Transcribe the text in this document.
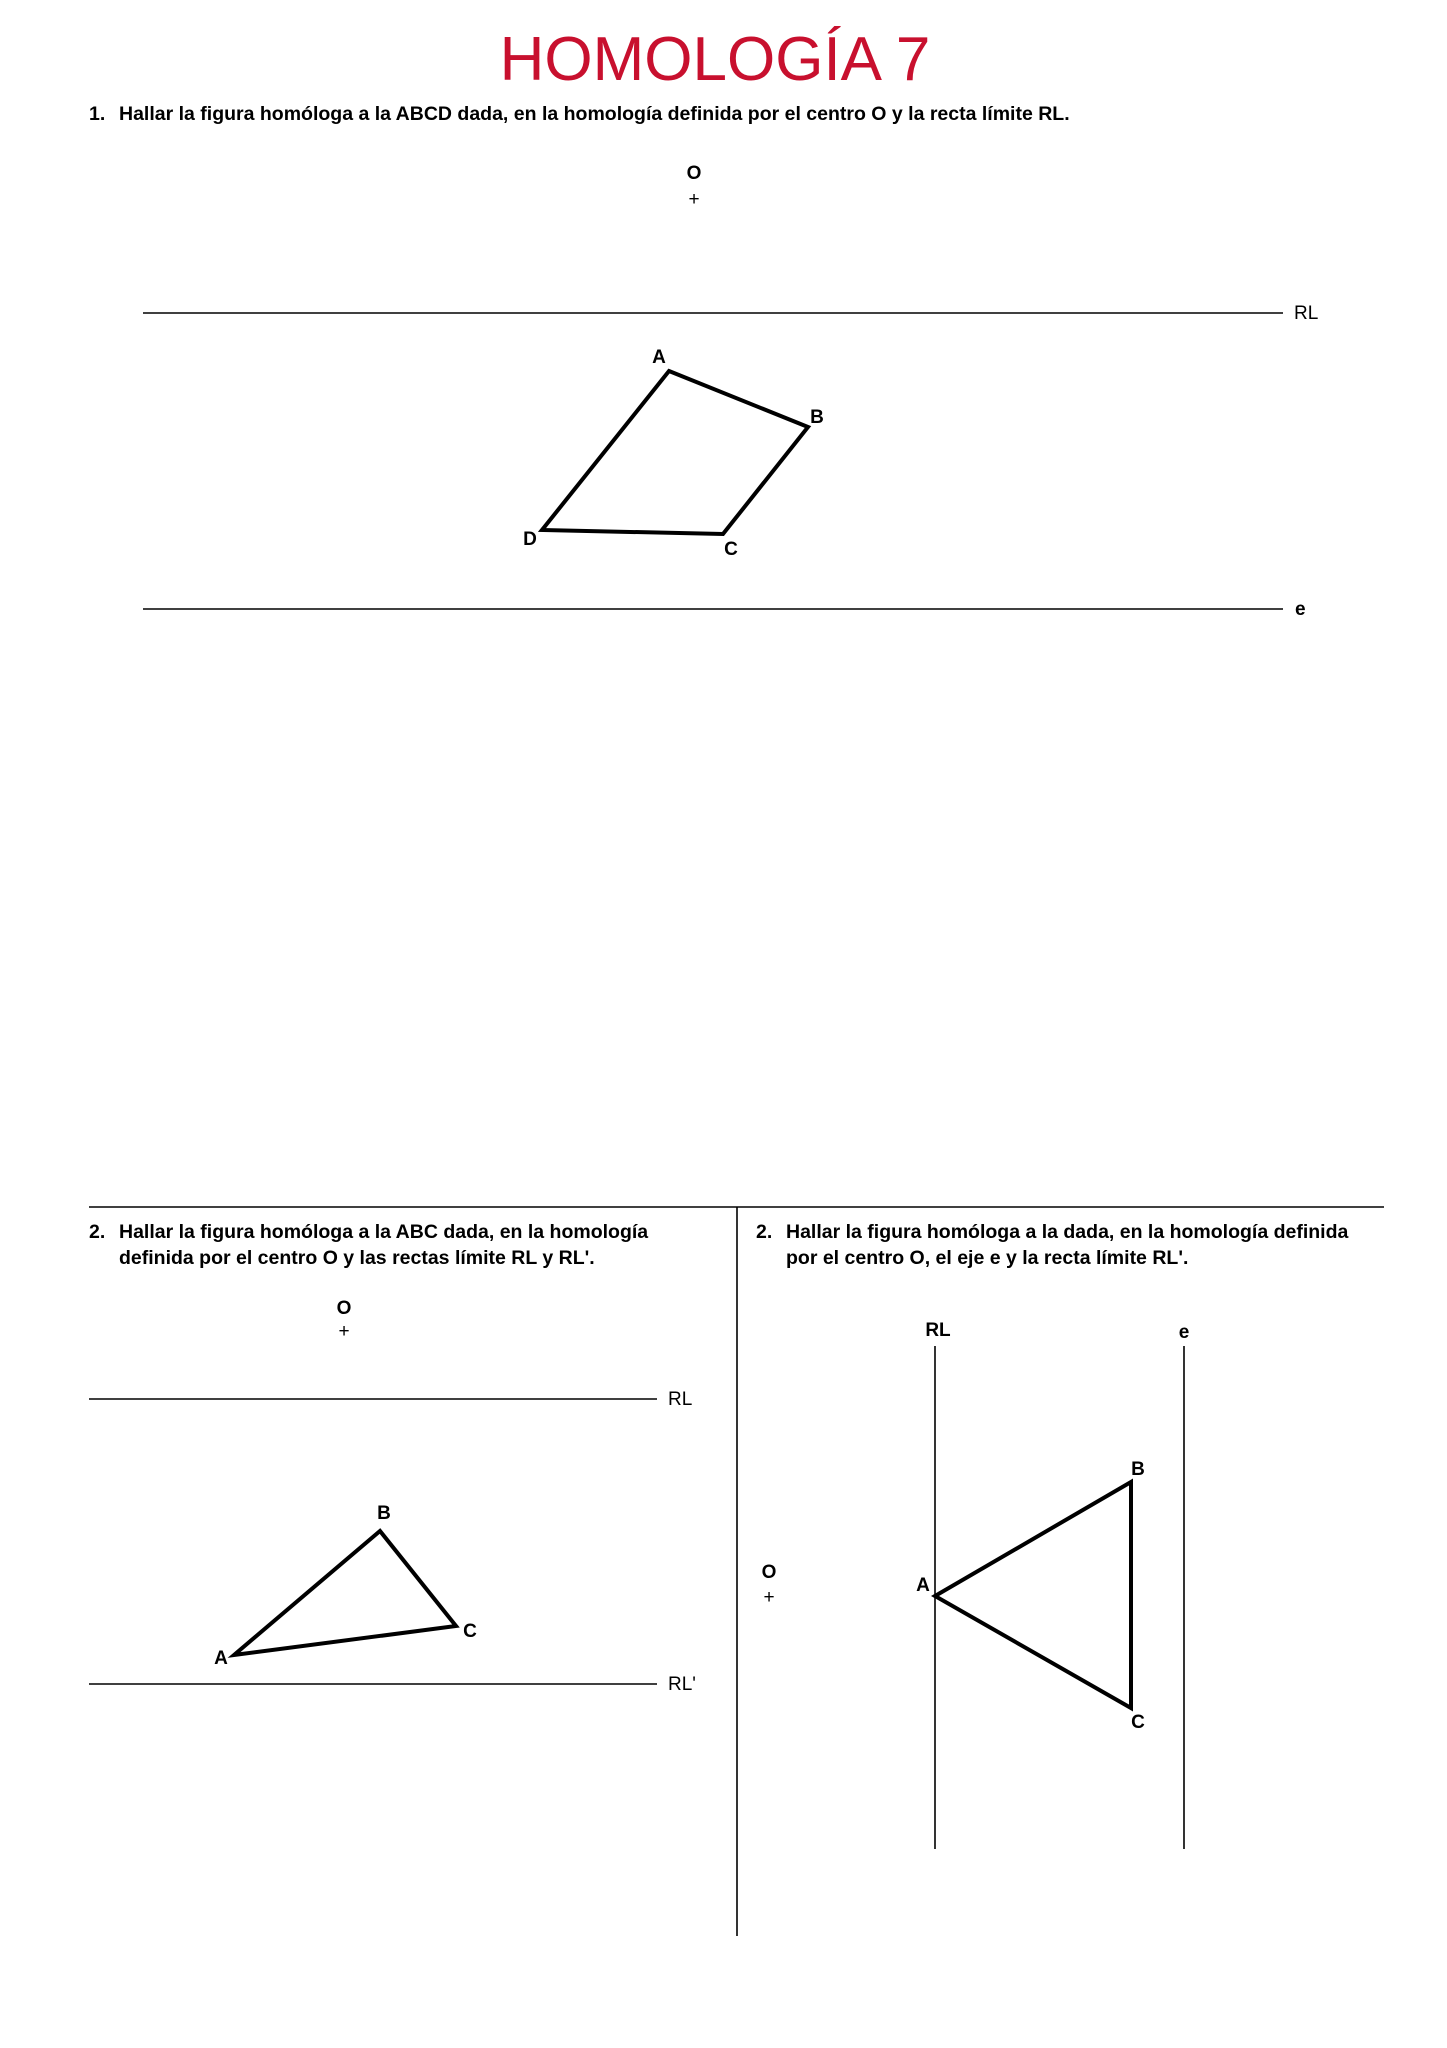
HOMOLOGÍA 7
1. Hallar la figura homóloga a la ABCD dada, en la homología definida por el centro O y la recta límite RL.
O
+
RL
A
B
C
D
e
2. Hallar la figura homóloga a la ABC dada, en la homología
definida por el centro O y las rectas límite RL y RL'.
O
+
RL
B
A
C
RL'
2. Hallar la figura homóloga a la dada, en la homología definida
por el centro O, el eje e y la recta límite RL'.
RL	e
B
A
C
O
+
